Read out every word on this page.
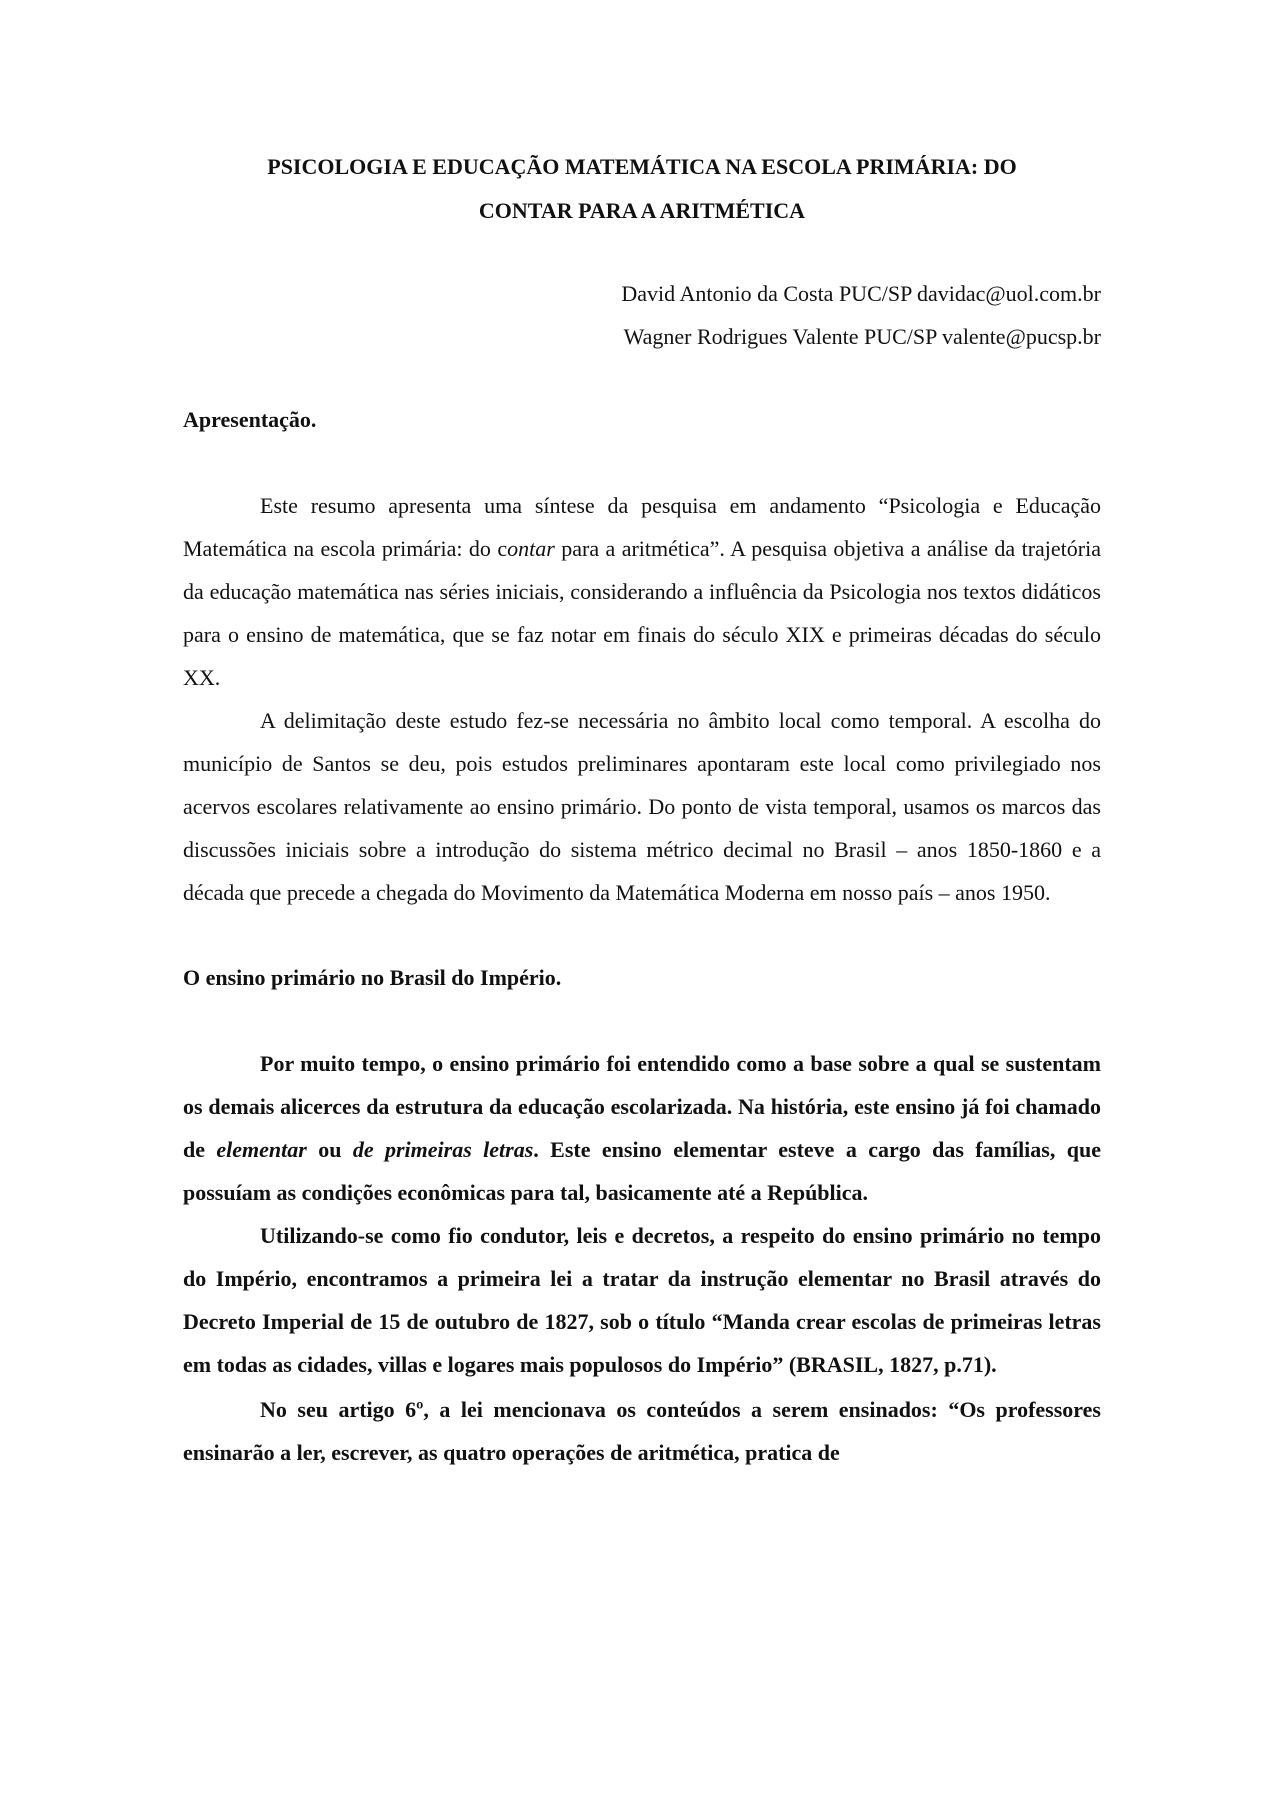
PSICOLOGIA E EDUCAÇÃO MATEMÁTICA NA ESCOLA PRIMÁRIA: DO
CONTAR PARA A ARITMÉTICA
David Antonio da Costa PUC/SP davidac@uol.com.br
Wagner Rodrigues Valente PUC/SP valente@pucsp.br
Apresentação.

Este resumo apresenta uma síntese da pesquisa em andamento “Psicologia e Educação Matemática na escola primária: do contar para a aritmética”. A pesquisa objetiva a análise da trajetória da educação matemática nas séries iniciais, considerando a influência da Psicologia nos textos didáticos para o ensino de matemática, que se faz notar em finais do século XIX e primeiras décadas do século XX.

A delimitação deste estudo fez-se necessária no âmbito local como temporal. A escolha do município de Santos se deu, pois estudos preliminares apontaram este local como privilegiado nos acervos escolares relativamente ao ensino primário. Do ponto de vista temporal, usamos os marcos das discussões iniciais sobre a introdução do sistema métrico decimal no Brasil – anos 1850-1860 e a década que precede a chegada do Movimento da Matemática Moderna em nosso país – anos 1950.

O ensino primário no Brasil do Império.

Por muito tempo, o ensino primário foi entendido como a base sobre a qual se sustentam os demais alicerces da estrutura da educação escolarizada. Na história, este ensino já foi chamado de elementar ou de primeiras letras. Este ensino elementar esteve a cargo das famílias, que possuíam as condições econômicas para tal, basicamente até a República.

Utilizando-se como fio condutor, leis e decretos, a respeito do ensino primário no tempo do Império, encontramos a primeira lei a tratar da instrução elementar no Brasil através do Decreto Imperial de 15 de outubro de 1827, sob o título “Manda crear escolas de primeiras letras em todas as cidades, villas e logares mais populosos do Império” (BRASIL, 1827, p.71).

No seu artigo 6º, a lei mencionava os conteúdos a serem ensinados: “Os professores ensinarão a ler, escrever, as quatro operações de aritmética, pratica de
